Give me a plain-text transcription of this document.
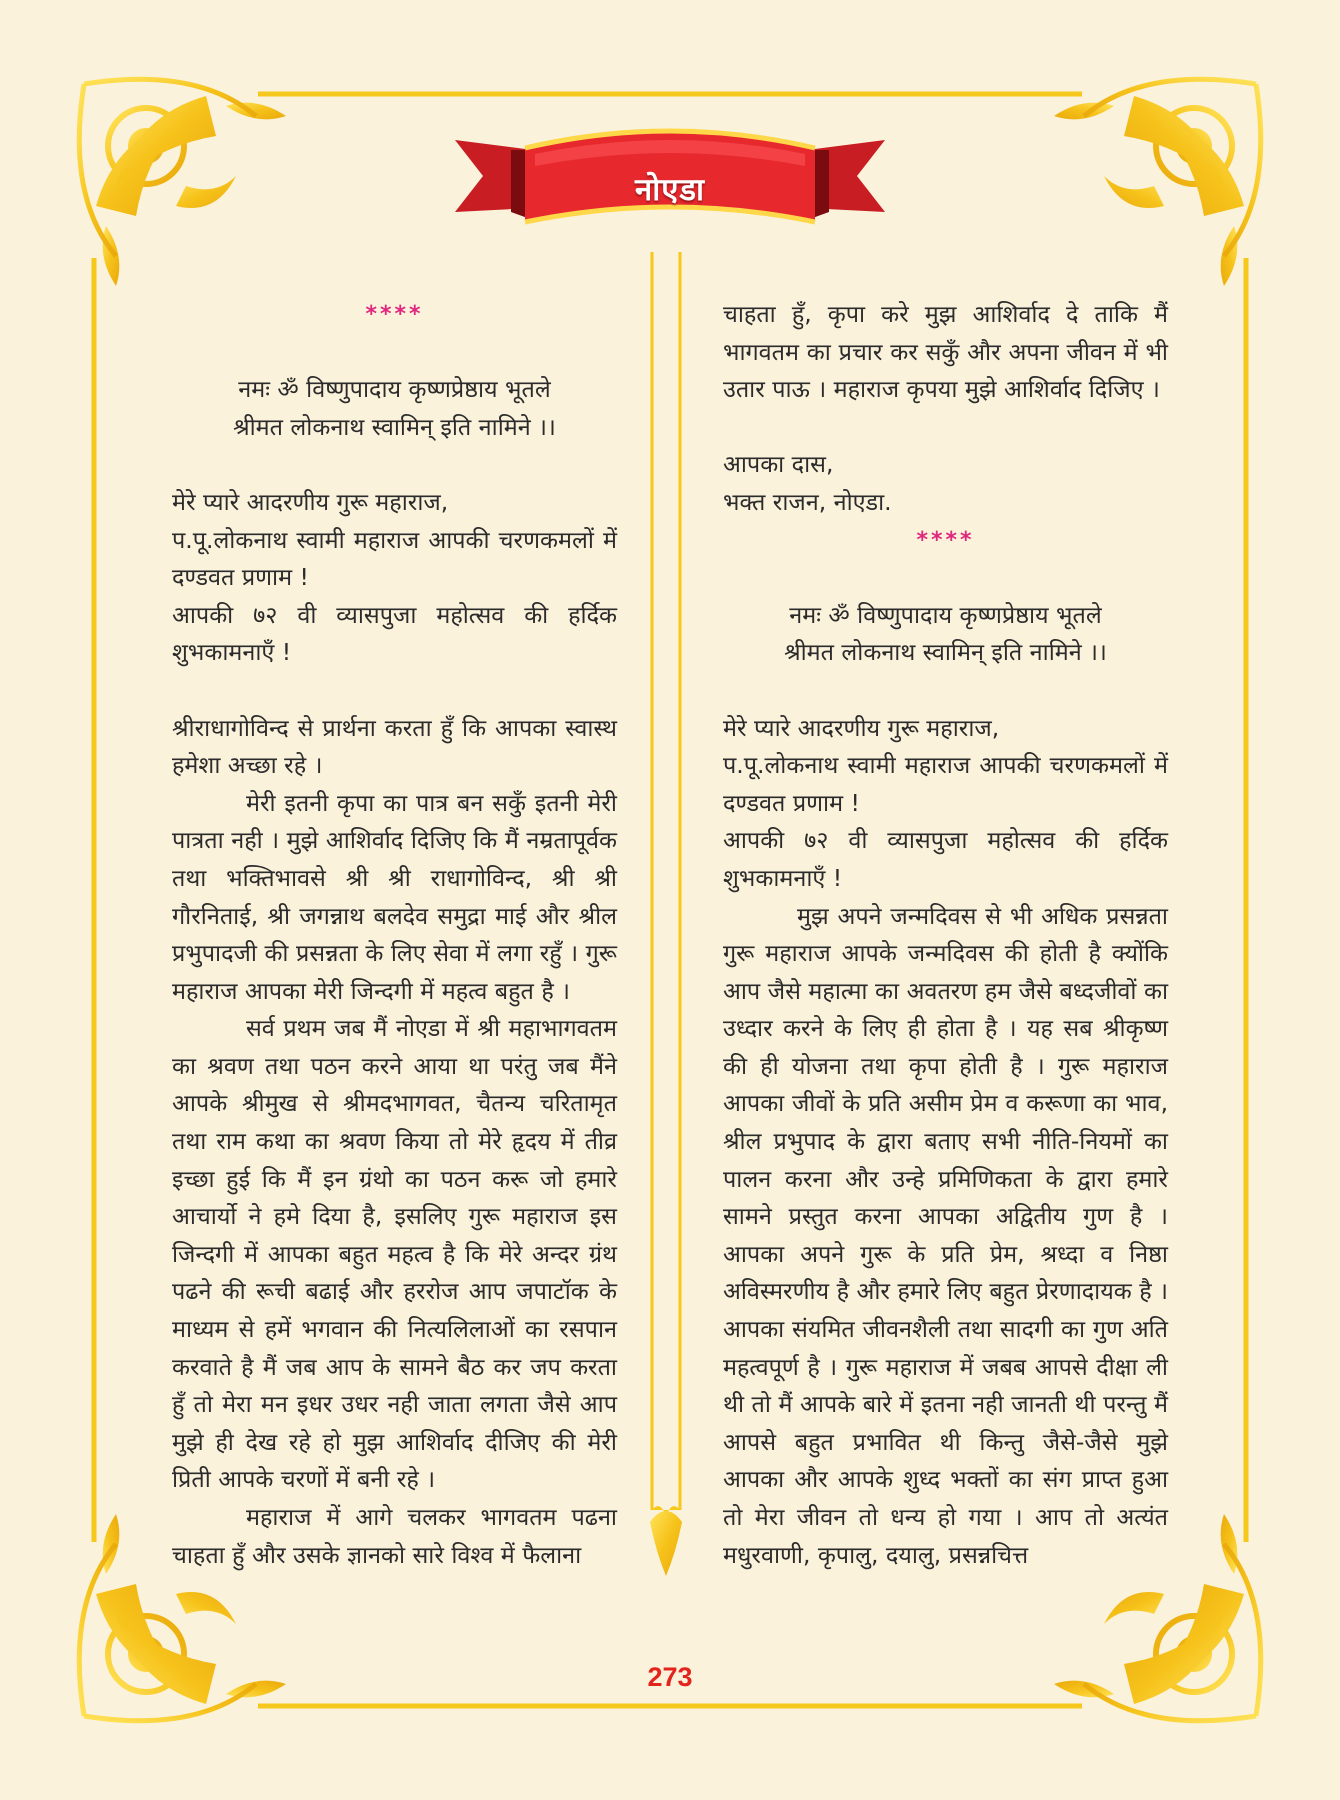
नोएडा

****

नमः ॐ विष्णुपादाय कृष्णप्रेष्ठाय भूतले

श्रीमत लोकनाथ स्वामिन् इति नामिने ।।

मेरे प्यारे आदरणीय गुरू महाराज,

प.पू.लोकनाथ स्वामी महाराज आपकी चरणकमलों में दण्डवत प्रणाम !

आपकी ७२ वी व्यासपुजा महोत्सव की हर्दिक शुभकामनाएँ !

श्रीराधागोविन्द से प्रार्थना करता हुँ कि आपका स्वास्थ हमेशा अच्छा रहे ।

मेरी इतनी कृपा का पात्र बन सकुँ इतनी मेरी पात्रता नही । मुझे आशिर्वाद दिजिए कि मैं नम्रतापूर्वक तथा भक्तिभावसे श्री श्री राधागोविन्द, श्री श्री गौरनिताई, श्री जगन्नाथ बलदेव समुद्रा माई और श्रील प्रभुपादजी की प्रसन्नता के लिए सेवा में लगा रहुँ । गुरू महाराज आपका मेरी जिन्दगी में महत्व बहुत है ।

सर्व प्रथम जब मैं नोएडा में श्री महाभागवतम का श्रवण तथा पठन करने आया था परंतु जब मैंने आपके श्रीमुख से श्रीमदभागवत, चैतन्य चरितामृत तथा राम कथा का श्रवण किया तो मेरे हृदय में तीव्र इच्छा हुई कि मैं इन ग्रंथो का पठन करू जो हमारे आचार्यो ने हमे दिया है, इसलिए गुरू महाराज इस जिन्दगी में आपका बहुत महत्व है कि मेरे अन्दर ग्रंथ पढने की रूची बढाई और हररोज आप जपाटॉक के माध्यम से हमें भगवान की नित्यलिलाओं का रसपान करवाते है मैं जब आप के सामने बैठ कर जप करता हुँ तो मेरा मन इधर उधर नही जाता लगता जैसे आप मुझे ही देख रहे हो मुझ आशिर्वाद दीजिए की मेरी प्रिती आपके चरणों में बनी रहे ।

महाराज में आगे चलकर भागवतम पढना चाहता हुँ और उसके ज्ञानको सारे विश्व में फैलाना

चाहता हुँ, कृपा करे मुझ आशिर्वाद दे ताकि मैं भागवतम का प्रचार कर सकुँ और अपना जीवन में भी उतार पाऊ । महाराज कृपया मुझे आशिर्वाद दिजिए ।

आपका दास,

भक्त राजन, नोएडा.

****

नमः ॐ विष्णुपादाय कृष्णप्रेष्ठाय भूतले

श्रीमत लोकनाथ स्वामिन् इति नामिने ।।

मेरे प्यारे आदरणीय गुरू महाराज,

प.पू.लोकनाथ स्वामी महाराज आपकी चरणकमलों में दण्डवत प्रणाम !

आपकी ७२ वी व्यासपुजा महोत्सव की हर्दिक शुभकामनाएँ !

मुझ अपने जन्मदिवस से भी अधिक प्रसन्नता गुरू महाराज आपके जन्मदिवस की होती है क्योंकि आप जैसे महात्मा का अवतरण हम जैसे बध्दजीवों का उध्दार करने के लिए ही होता है । यह सब श्रीकृष्ण की ही योजना तथा कृपा होती है । गुरू महाराज आपका जीवों के प्रति असीम प्रेम व करूणा का भाव, श्रील प्रभुपाद के द्वारा बताए सभी नीति-नियमों का पालन करना और उन्हे प्रमिणिकता के द्वारा हमारे सामने प्रस्तुत करना आपका अद्वितीय गुण है । आपका अपने गुरू के प्रति प्रेम, श्रध्दा व निष्ठा अविस्मरणीय है और हमारे लिए बहुत प्रेरणादायक है । आपका संयमित जीवनशैली तथा सादगी का गुण अति महत्वपूर्ण है । गुरू महाराज में जबब आपसे दीक्षा ली थी तो मैं आपके बारे में इतना नही जानती थी परन्तु मैं आपसे बहुत प्रभावित थी किन्तु जैसे-जैसे मुझे आपका और आपके शुध्द भक्तों का संग प्राप्त हुआ तो मेरा जीवन तो धन्य हो गया । आप तो अत्यंत मधुरवाणी, कृपालु, दयालु, प्रसन्नचित्त

273
